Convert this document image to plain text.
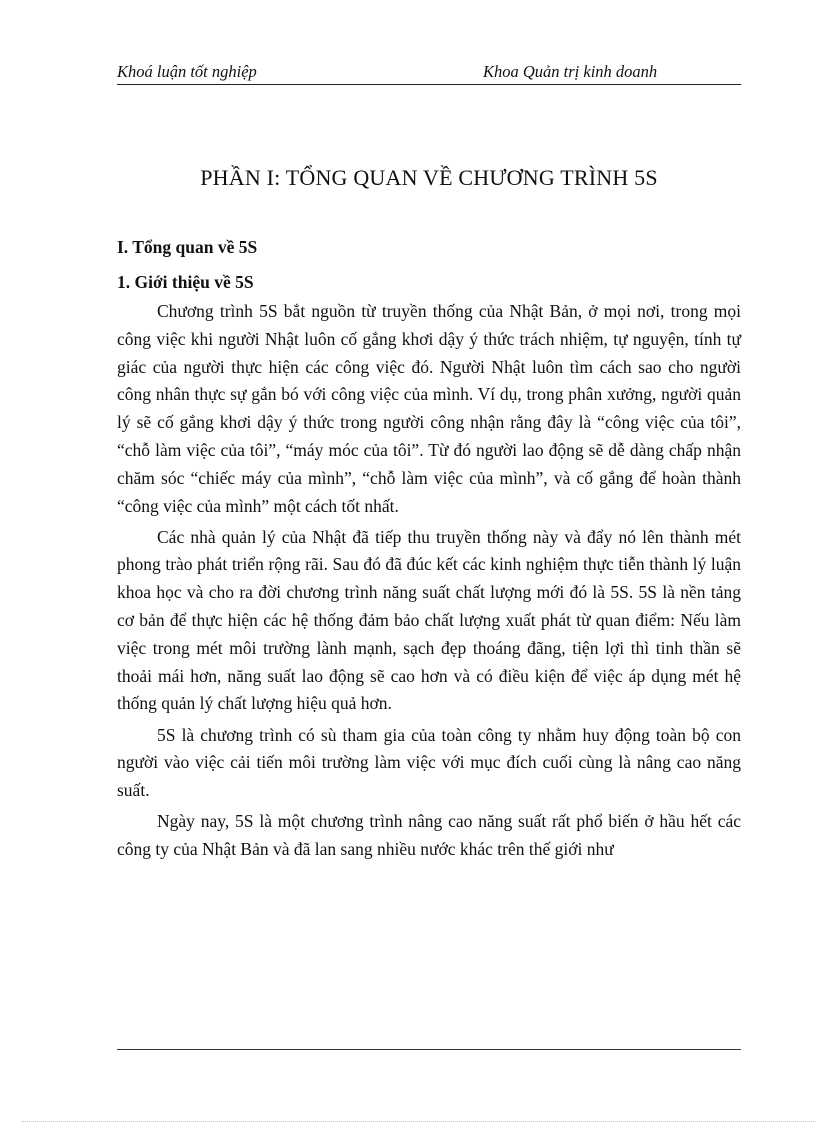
Khoá luận tốt nghiệp	Khoa Quản trị kinh doanh
PHẦN I: TỔNG QUAN VỀ CHƯƠNG TRÌNH 5S
I. Tổng quan về 5S
1. Giới thiệu về 5S

Chương trình 5S bắt nguồn từ truyền thống của Nhật Bản, ở mọi nơi, trong mọi công việc khi người Nhật luôn cố gắng khơi dậy ý thức trách nhiệm, tự nguyện, tính tự giác của người thực hiện các công việc đó. Người Nhật luôn tìm cách sao cho người công nhân thực sự gắn bó với công việc của mình. Ví dụ, trong phân xưởng, người quản lý sẽ cố gắng khơi dậy ý thức trong người công nhận rằng đây là “công việc của tôi”, “chỗ làm việc của tôi”, “máy móc của tôi”. Từ đó người lao động sẽ dễ dàng chấp nhận chăm sóc “chiếc máy của mình”, “chỗ làm việc của mình”, và cố gắng để hoàn thành “công việc của mình” một cách tốt nhất.

Các nhà quản lý của Nhật đã tiếp thu truyền thống này và đẩy nó lên thành mét phong trào phát triển rộng rãi. Sau đó đã đúc kết các kinh nghiệm thực tiễn thành lý luận khoa học và cho ra đời chương trình năng suất chất lượng mới đó là 5S. 5S là nền tảng cơ bản để thực hiện các hệ thống đảm bảo chất lượng xuất phát từ quan điểm: Nếu làm việc trong mét môi trường lành mạnh, sạch đẹp thoáng đãng, tiện lợi thì tinh thần sẽ thoải mái hơn, năng suất lao động sẽ cao hơn và có điều kiện để việc áp dụng mét hệ thống quản lý chất lượng hiệu quả hơn.

5S là chương trình có sù tham gia của toàn công ty nhằm huy động toàn bộ con người vào việc cải tiến môi trường làm việc với mục đích cuối cùng là nâng cao năng suất.

Ngày nay, 5S là một chương trình nâng cao năng suất rất phổ biến ở hầu hết các công ty của Nhật Bản và đã lan sang nhiều nước khác trên thế giới như
